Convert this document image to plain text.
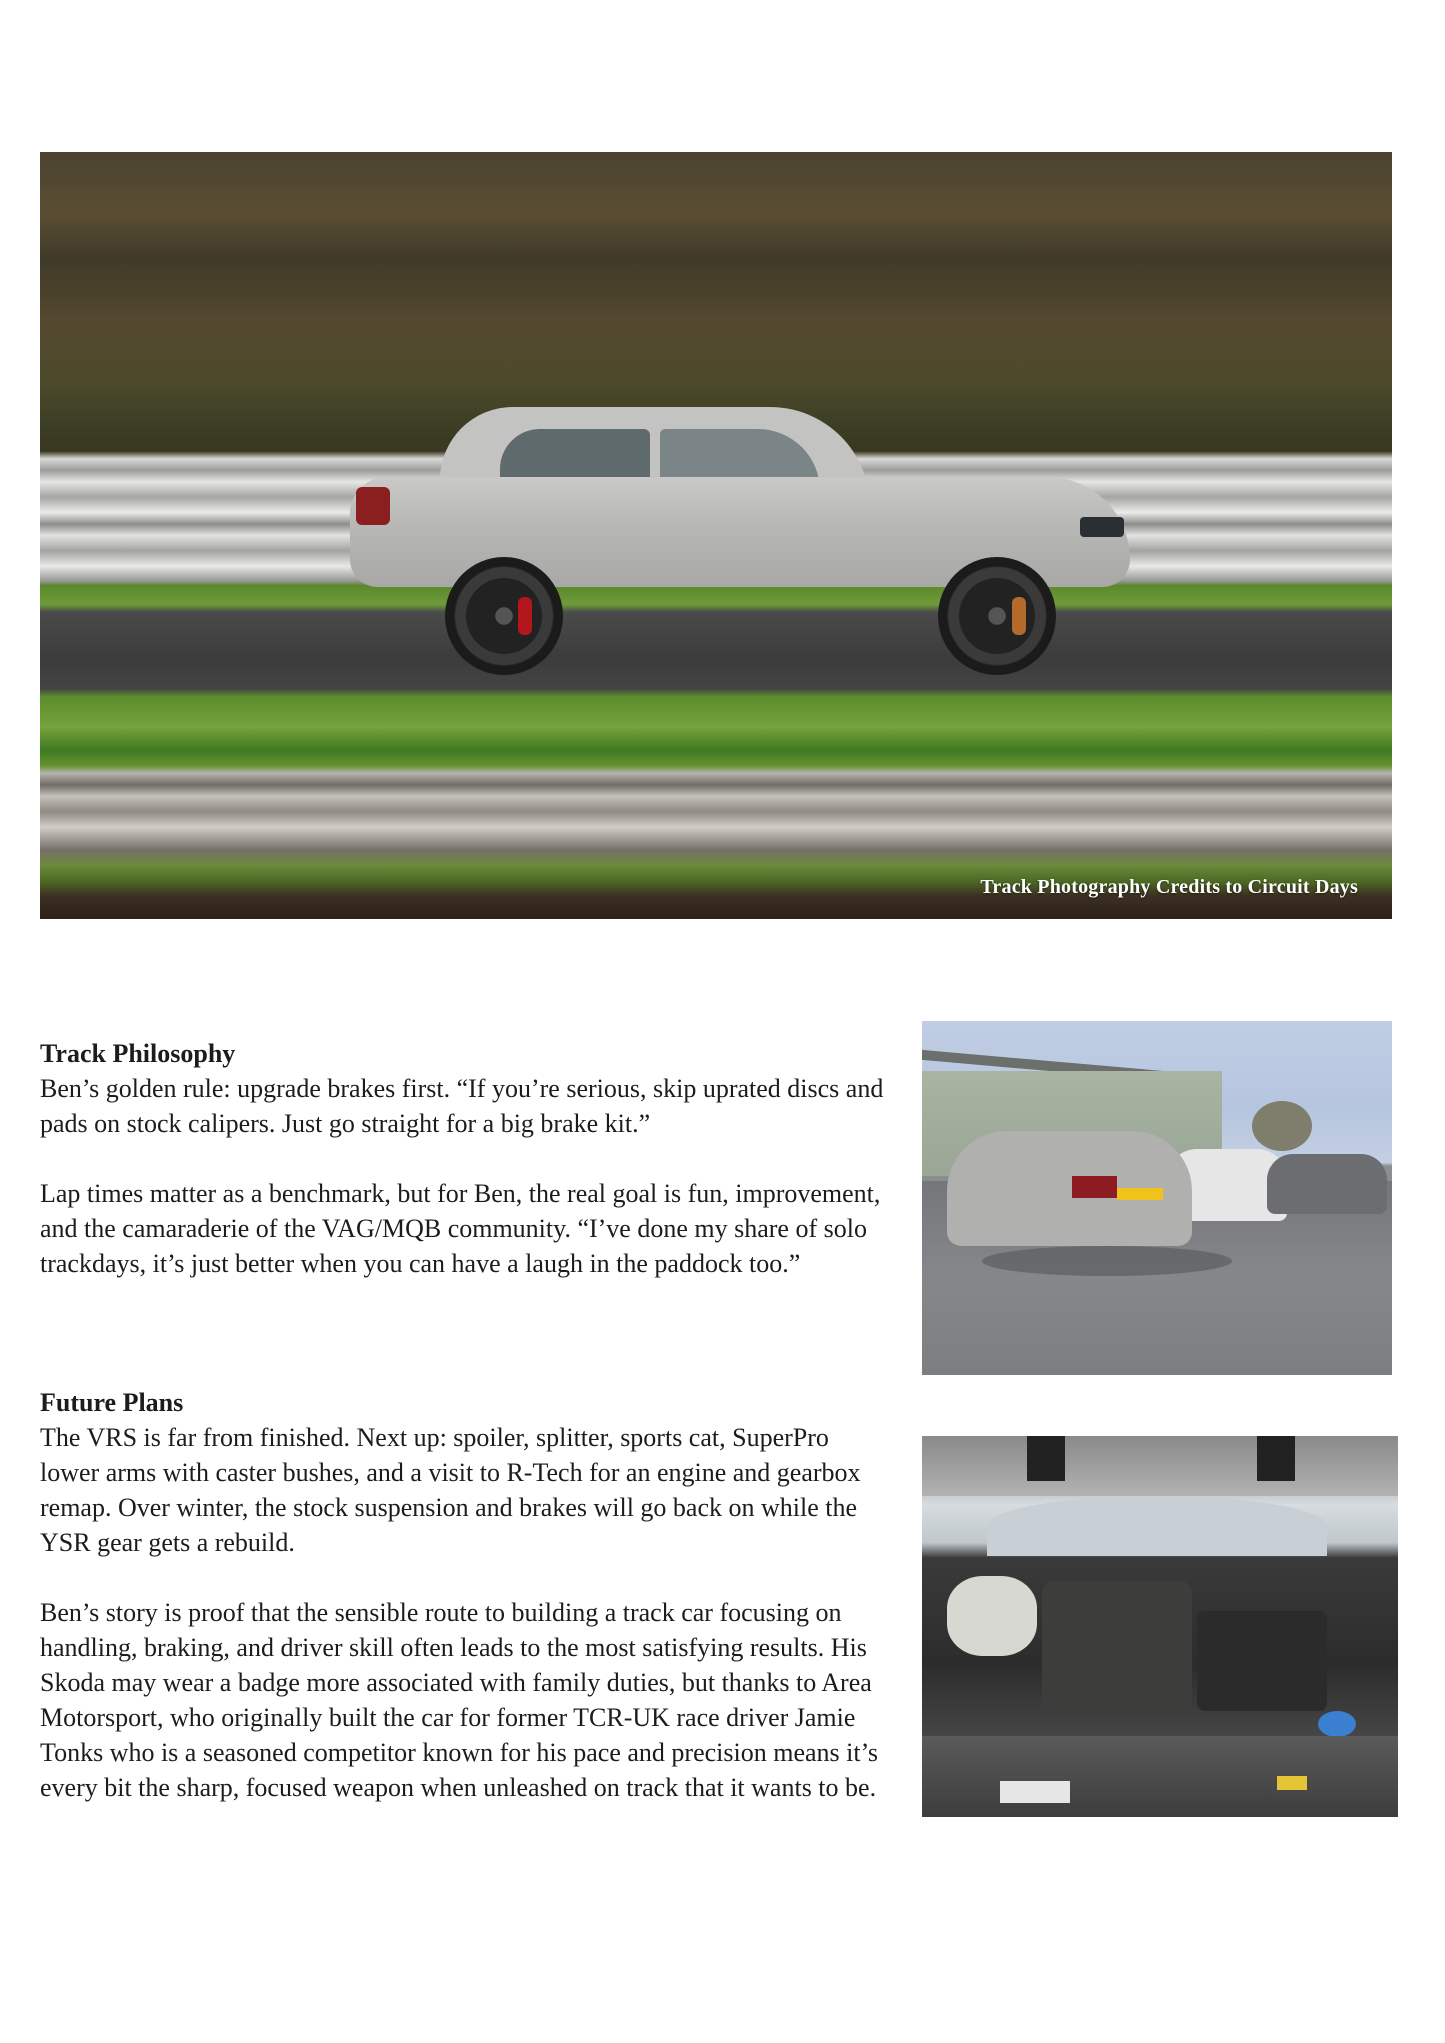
Track Photography Credits to Circuit Days
Track Philosophy

Ben’s golden rule: upgrade brakes first. “If you’re serious, skip uprated discs and pads on stock calipers. Just go straight for a big brake kit.”

Lap times matter as a benchmark, but for Ben, the real goal is fun, improvement, and the camaraderie of the VAG/MQB community. “I’ve done my share of solo trackdays, it’s just better when you can have a laugh in the paddock too.”

Future Plans

The VRS is far from finished. Next up: spoiler, splitter, sports cat, SuperPro lower arms with caster bushes, and a visit to R-Tech for an engine and gearbox remap. Over winter, the stock suspension and brakes will go back on while the YSR gear gets a rebuild.

Ben’s story is proof that the sensible route to building a track car focusing on handling, braking, and driver skill often leads to the most satisfying results. His Skoda may wear a badge more associated with family duties, but thanks to Area Motorsport, who originally built the car for former TCR-UK race driver Jamie Tonks who is a seasoned competitor known for his pace and precision means it’s every bit the sharp, focused weapon when unleashed on track that it wants to be.
